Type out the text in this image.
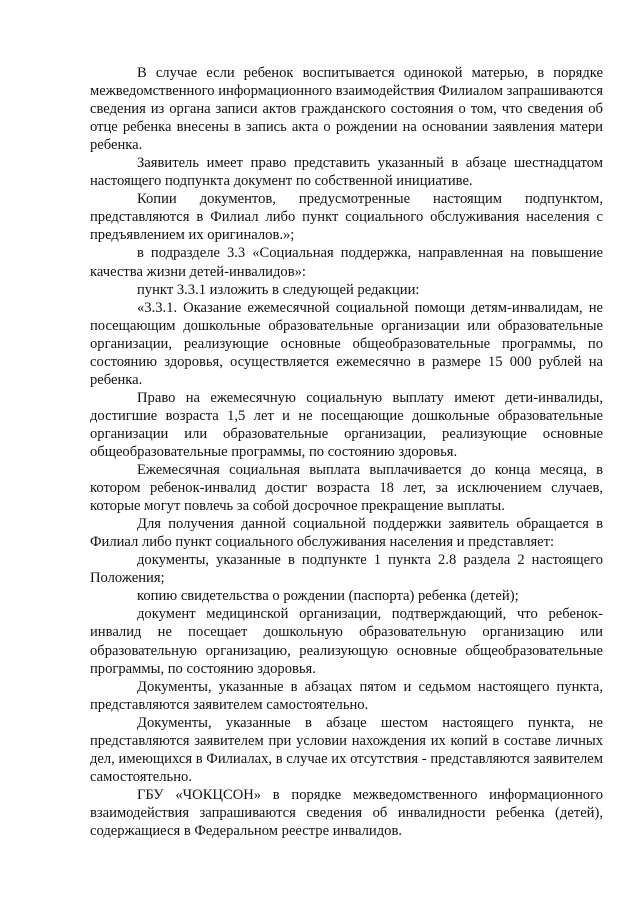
В случае если ребенок воспитывается одинокой матерью, в порядке межведомственного информационного взаимодействия Филиалом запрашиваются сведения из органа записи актов гражданского состояния о том, что сведения об отце ребенка внесены в запись акта о рождении на основании заявления матери ребенка.

Заявитель имеет право представить указанный в абзаце шестнадцатом настоящего подпункта документ по собственной инициативе.

Копии документов, предусмотренные настоящим подпунктом, представляются в Филиал либо пункт социального обслуживания населения с предъявлением их оригиналов.»;

в подразделе 3.3 «Социальная поддержка, направленная на повышение качества жизни детей-инвалидов»:

пункт 3.3.1 изложить в следующей редакции:

«3.3.1. Оказание ежемесячной социальной помощи детям-инвалидам, не посещающим дошкольные образовательные организации или образовательные организации, реализующие основные общеобразовательные программы, по состоянию здоровья, осуществляется ежемесячно в размере 15 000 рублей на ребенка.

Право на ежемесячную социальную выплату имеют дети-инвалиды, достигшие возраста 1,5 лет и не посещающие дошкольные образовательные организации или образовательные организации, реализующие основные общеобразовательные программы, по состоянию здоровья.

Ежемесячная социальная выплата выплачивается до конца месяца, в котором ребенок-инвалид достиг возраста 18 лет, за исключением случаев, которые могут повлечь за собой досрочное прекращение выплаты.

Для получения данной социальной поддержки заявитель обращается в Филиал либо пункт социального обслуживания населения и представляет:

документы, указанные в подпункте 1 пункта 2.8 раздела 2 настоящего Положения;

копию свидетельства о рождении (паспорта) ребенка (детей);

документ медицинской организации, подтверждающий, что ребенок-инвалид не посещает дошкольную образовательную организацию или образовательную организацию, реализующую основные общеобразовательные программы, по состоянию здоровья.

Документы, указанные в абзацах пятом и седьмом настоящего пункта, представляются заявителем самостоятельно.

Документы, указанные в абзаце шестом настоящего пункта, не представляются заявителем при условии нахождения их копий в составе личных дел, имеющихся в Филиалах, в случае их отсутствия - представляются заявителем самостоятельно.

ГБУ «ЧОКЦСОН» в порядке межведомственного информационного взаимодействия запрашиваются сведения об инвалидности ребенка (детей), содержащиеся в Федеральном реестре инвалидов.
